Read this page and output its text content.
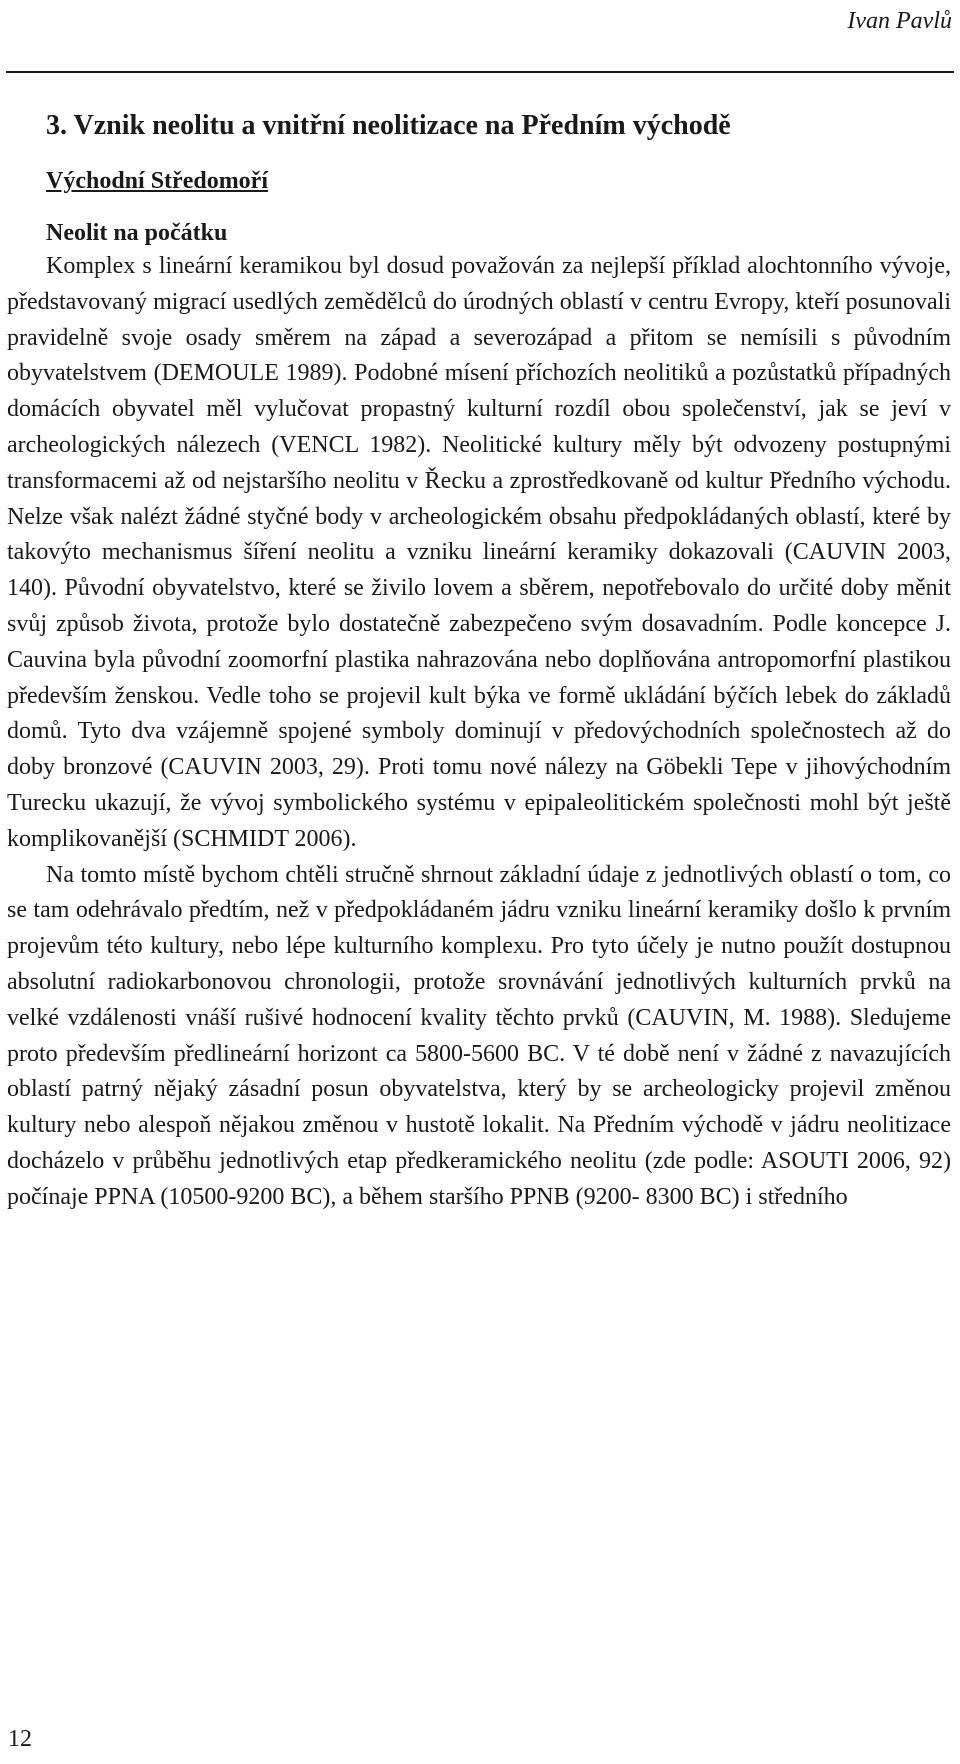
Ivan Pavlů
3. Vznik neolitu a vnitřní neolitizace na Předním východě
Východní Středomoří
Neolit na počátku

Komplex s lineární keramikou byl dosud považován za nejlepší příklad alochtonního vývoje, představovaný migrací usedlých zemědělců do úrodných oblastí v centru Evropy, kteří posunovali pravidelně svoje osady směrem na západ a severozápad a přitom se nemísili s původním obyvatelstvem (DEMOULE 1989). Podobné mísení příchozích neolitiků a pozůstatků případných domácích obyvatel měl vylučovat propastný kulturní rozdíl obou společenství, jak se jeví v archeologických nálezech (VENCL 1982). Neolitické kultury měly být odvozeny postupnými transformacemi až od nejstaršího neolitu v Řecku a zprostředkovaně od kultur Předního východu. Nelze však nalézt žádné styčné body v archeologickém obsahu předpokládaných oblastí, které by takovýto mechanismus šíření neolitu a vzniku lineární keramiky dokazovali (CAUVIN 2003, 140). Původní obyvatelstvo, které se živilo lovem a sběrem, nepotřebovalo do určité doby měnit svůj způsob života, protože bylo dostatečně zabezpečeno svým dosavadním. Podle koncepce J. Cauvina byla původní zoomorfní plastika nahrazována nebo doplňována antropomorfní plastikou především ženskou. Vedle toho se projevil kult býka ve formě ukládání býčích lebek do základů domů. Tyto dva vzájemně spojené symboly dominují v předovýchodních společnostech až do doby bronzové (CAUVIN 2003, 29). Proti tomu nové nálezy na Göbekli Tepe v jihovýchodním Turecku ukazují, že vývoj symbolického systému v epipaleolitickém společnosti mohl být ještě komplikovanější (SCHMIDT 2006).

Na tomto místě bychom chtěli stručně shrnout základní údaje z jednotlivých oblastí o tom, co se tam odehrávalo předtím, než v předpokládaném jádru vzniku lineární keramiky došlo k prvním projevům této kultury, nebo lépe kulturního komplexu. Pro tyto účely je nutno použít dostupnou absolutní radiokarbonovou chronologii, protože srovnávání jednotlivých kulturních prvků na velké vzdálenosti vnáší rušivé hodnocení kvality těchto prvků (CAUVIN, M. 1988). Sledujeme proto především předlineární horizont ca 5800-5600 BC. V té době není v žádné z navazujících oblastí patrný nějaký zásadní posun obyvatelstva, který by se archeologicky projevil změnou kultury nebo alespoň nějakou změnou v hustotě lokalit. Na Předním východě v jádru neolitizace docházelo v průběhu jednotlivých etap předkeramického neolitu (zde podle: ASOUTI 2006, 92) počínaje PPNA (10500-9200 BC), a během staršího PPNB (9200- 8300 BC) i středního

12
